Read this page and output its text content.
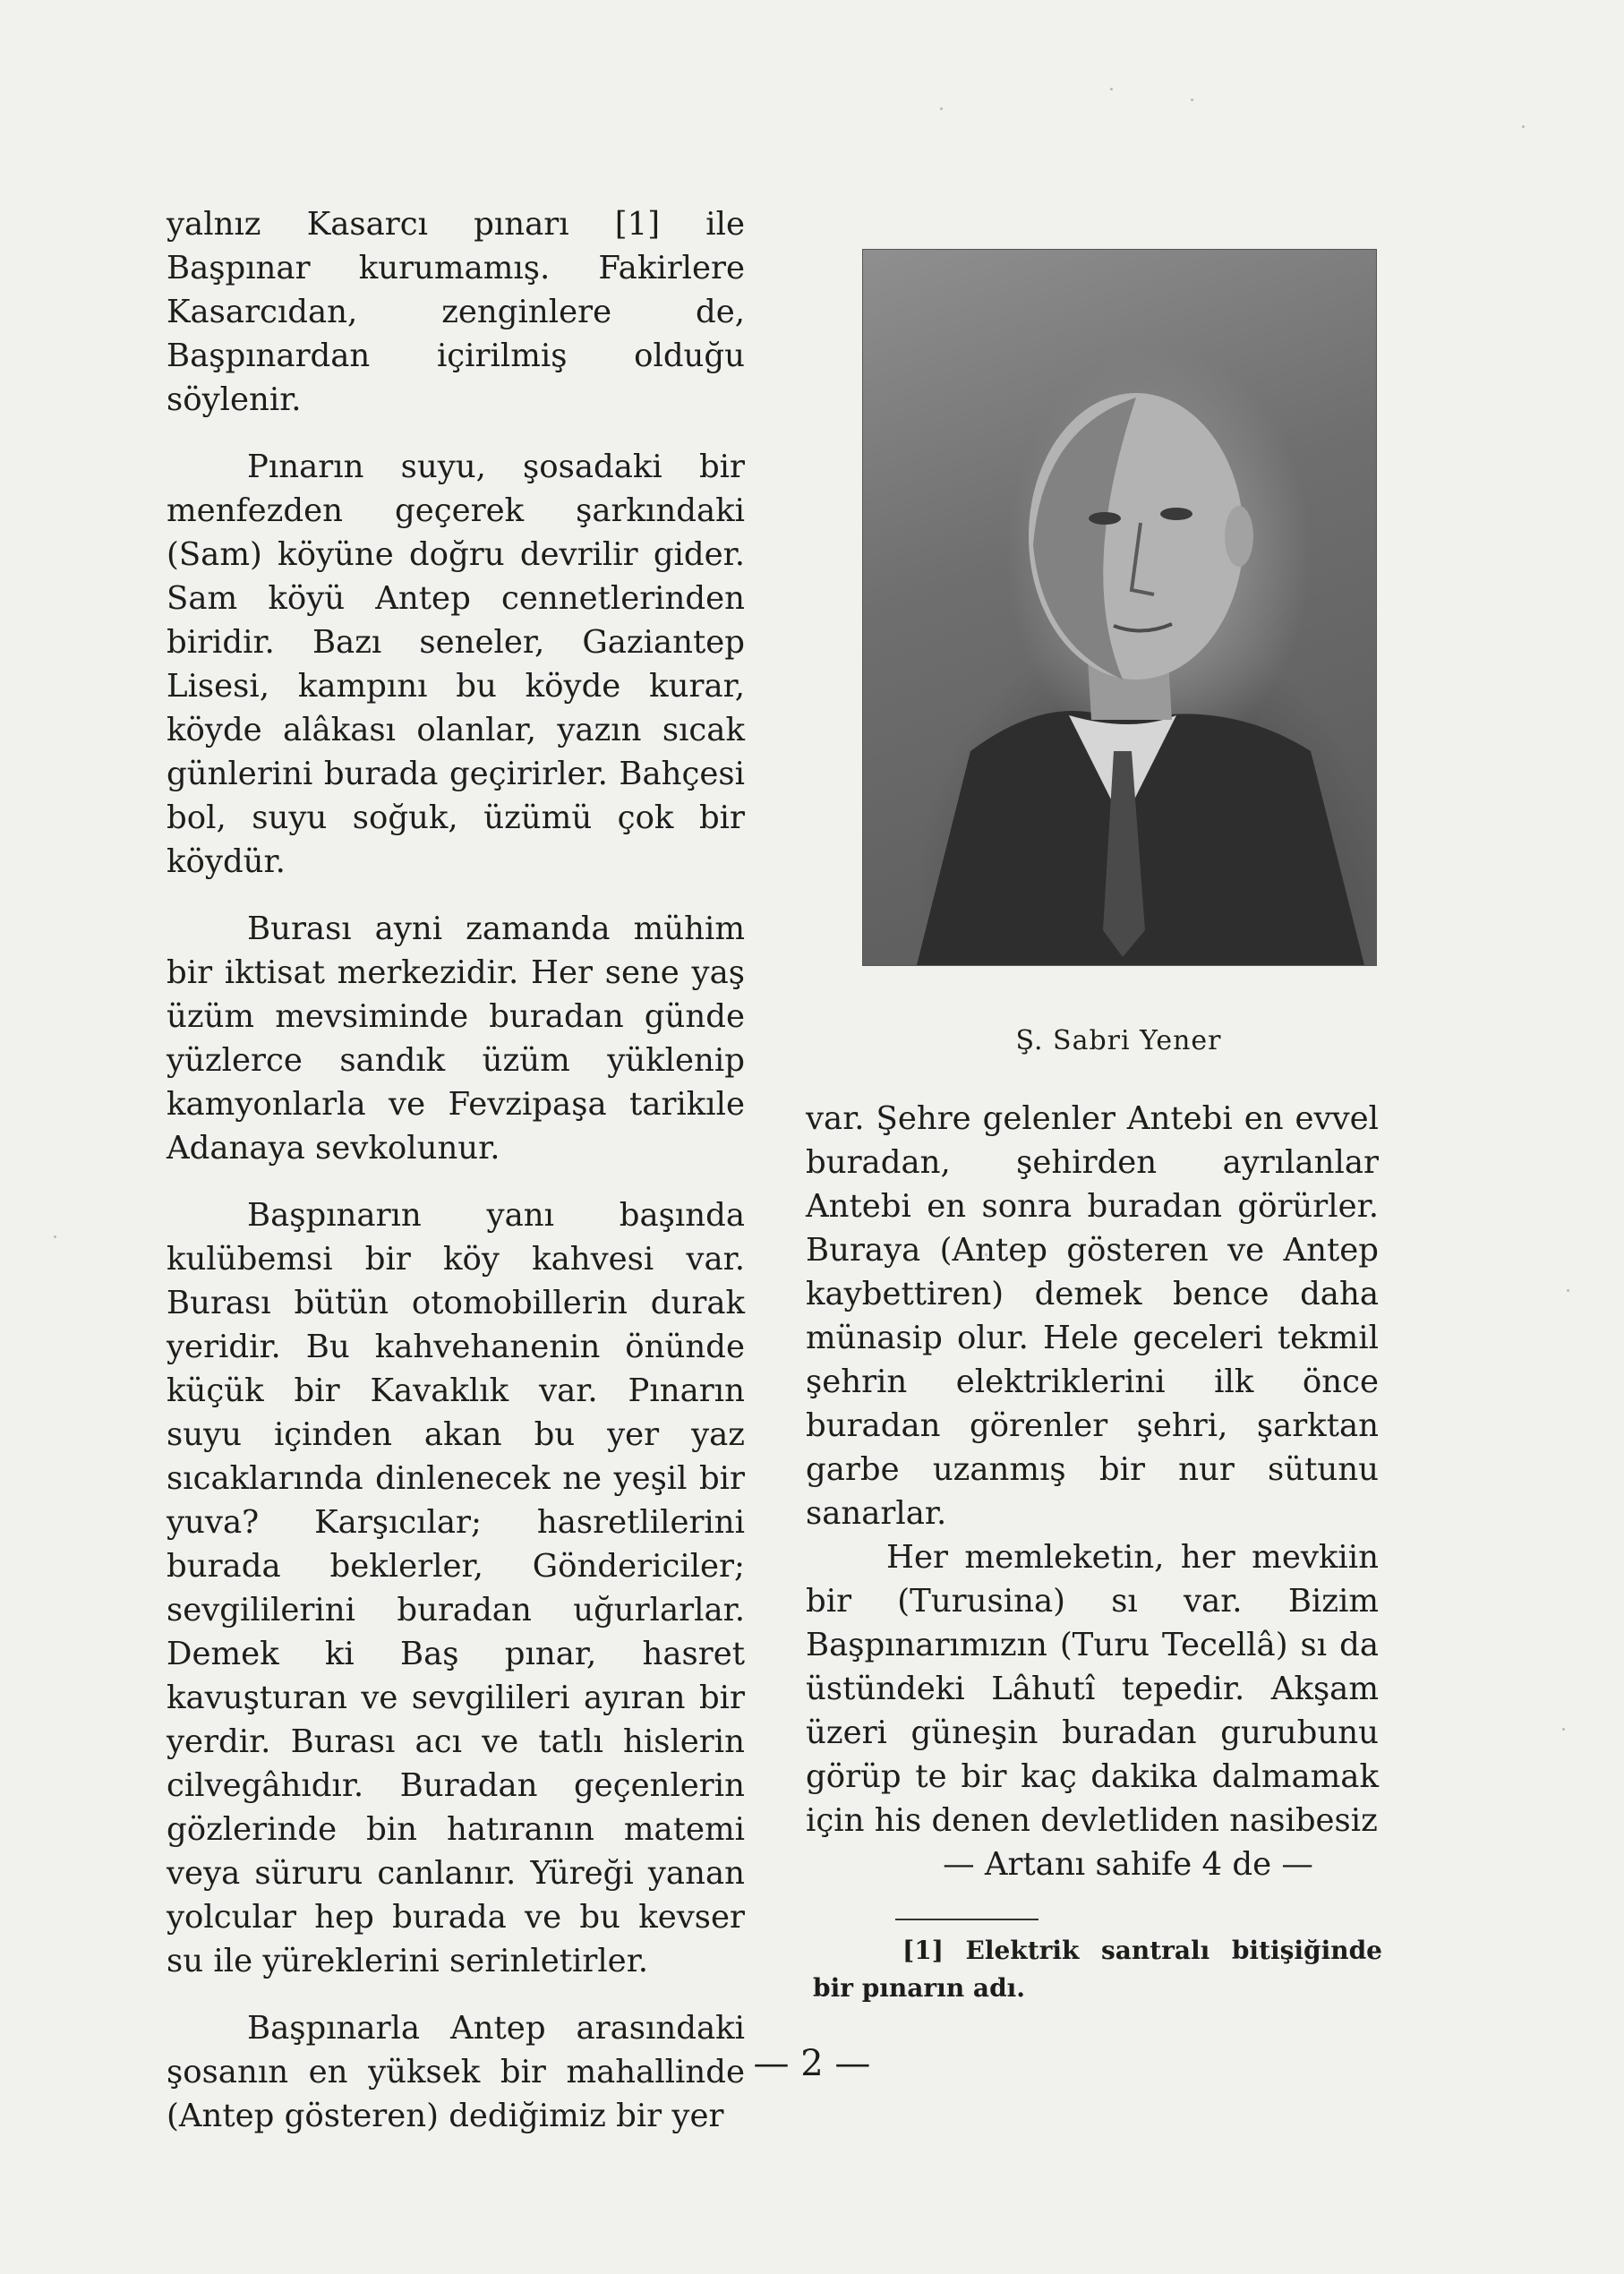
yalnız Kasarcı pınarı [1] ile Başpınar kurumamış. Fakirlere Kasarcıdan, zenginlere de, Başpınardan içirilmiş olduğu söylenir.

Pınarın suyu, şosadaki bir menfezden geçerek şarkındaki (Sam) köyüne doğru devrilir gider. Sam köyü Antep cennetlerinden biridir. Bazı seneler, Gaziantep Lisesi, kampını bu köyde kurar, köyde alâkası olanlar, yazın sıcak günlerini burada geçirirler. Bahçesi bol, suyu soğuk, üzümü çok bir köydür.

Burası ayni zamanda mühim bir iktisat merkezidir. Her sene yaş üzüm mevsiminde buradan günde yüzlerce sandık üzüm yüklenip kamyonlarla ve Fevzipaşa tarikıle Adanaya sevkolunur.

Başpınarın yanı başında kulübemsi bir köy kahvesi var. Burası bütün otomobillerin durak yeridir. Bu kahvehanenin önünde küçük bir Kavaklık var. Pınarın suyu içinden akan bu yer yaz sıcaklarında dinlenecek ne yeşil bir yuva? Karşıcılar; hasretlilerini burada beklerler, Göndericiler; sevgililerini buradan uğurlarlar. Demek ki Baş pınar, hasret kavuşturan ve sevgilileri ayıran bir yerdir. Burası acı ve tatlı hislerin cilvegâhıdır. Buradan geçenlerin gözlerinde bin hatıranın matemi veya süruru canlanır. Yüreği yanan yolcular hep burada ve bu kevser su ile yüreklerini serinletirler.

Başpınarla Antep arasındaki şosanın en yüksek bir mahallinde (Antep gösteren) dediğimiz bir yer

Ş. Sabri Yener

var. Şehre gelenler Antebi en evvel buradan, şehirden ayrılanlar Antebi en sonra buradan görürler. Buraya (Antep gösteren ve Antep kaybettiren) demek bence daha münasip olur. Hele geceleri tekmil şehrin elektriklerini ilk önce buradan görenler şehri, şarktan garbe uzanmış bir nur sütunu sanarlar.

Her memleketin, her mevkiin bir (Turusina) sı var. Bizim Başpınarımızın (Turu Tecellâ) sı da üstündeki Lâhutî tepedir. Akşam üzeri güneşin buradan gurubunu görüp te bir kaç dakika dalmamak için his denen devletliden nasibesiz

— Artanı sahife 4 de —

[1] Elektrik santralı bitişiğinde bir pınarın adı.
— 2 —
